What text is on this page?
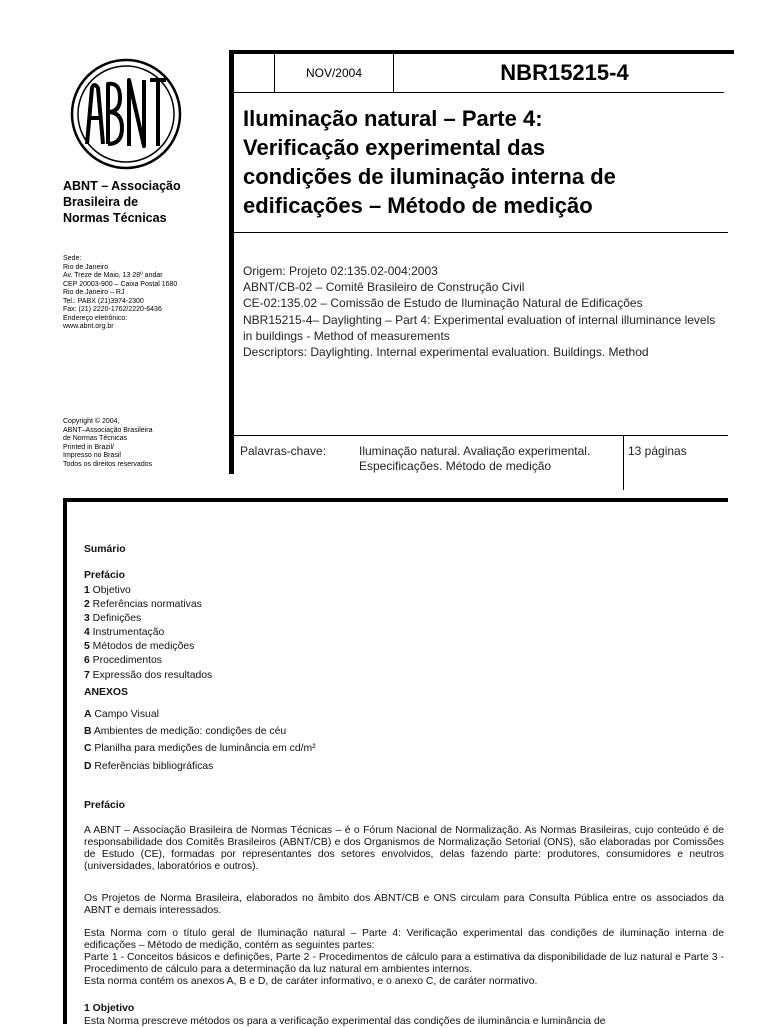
ABNT – Associação
Brasileira de
Normas Técnicas
Sede:
Rio de Janeiro
Av. Treze de Maio, 13 28º andar
CEP 20003-900 – Caixa Postal 1680
Rio de Janeiro – RJ
Tel.: PABX (21)3974-2300
Fax: (21) 2220-1762/2220-6436
Endereço eletrônico:
www.abnt.org.br
Copyright © 2004,
ABNT–Associação Brasileira
de Normas Técnicas
Printed in Brazil/
Impresso no Brasil
Todos os direitos reservados
NOV/2004	NBR15215-4
Iluminação natural – Parte 4:
Verificação experimental das
condições de iluminação interna de
edificações – Método de medição
Origem: Projeto 02:135.02-004:2003
ABNT/CB-02 – Comitê Brasileiro de Construção Civil
CE-02:135.02 – Comissão de Estudo de Iluminação Natural de Edificações
NBR15215-4– Daylighting – Part 4: Experimental evaluation of internal illuminance levels in buildings - Method of measurements
Descriptors: Daylighting. Internal experimental evaluation. Buildings. Method
Palavras-chave:	Iluminação natural. Avaliação experimental. Especificações. Método de medição
13 páginas
Sumário
Prefácio
1 Objetivo
2 Referências normativas
3 Definições
4 Instrumentação
5 Métodos de medições
6 Procedimentos
7 Expressão dos resultados
ANEXOS
A Campo Visual
B Ambientes de medição: condições de céu
C Planilha para medições de luminância em cd/m²
D Referências bibliográficas
Prefácio
A ABNT – Associação Brasileira de Normas Técnicas – é o Fórum Nacional de Normalização. As Normas Brasileiras, cujo conteúdo é de responsabilidade dos Comitês Brasileiros (ABNT/CB) e dos Organismos de Normalização Setorial (ONS), são elaboradas por Comissões de Estudo (CE), formadas por representantes dos setores envolvidos, delas fazendo parte: produtores, consumidores e neutros (universidades, laboratórios e outros).
Os Projetos de Norma Brasileira, elaborados no âmbito dos ABNT/CB e ONS circulam para Consulta Pública entre os associados da ABNT e demais interessados.
Esta Norma com o título geral de Iluminação natural – Parte 4: Verificação experimental das condições de iluminação interna de edificações – Método de medição, contém as seguintes partes:
Parte 1 - Conceitos básicos e definições, Parte 2 - Procedimentos de cálculo para a estimativa da disponibilidade de luz natural e Parte 3 - Procedimento de cálculo para a determinação da luz natural em ambientes internos.
Esta norma contém os anexos A, B e D, de caráter informativo, e o anexo C, de caráter normativo.
1 Objetivo
Esta Norma prescreve métodos os para a verificação experimental das condições de iluminância e luminância de
